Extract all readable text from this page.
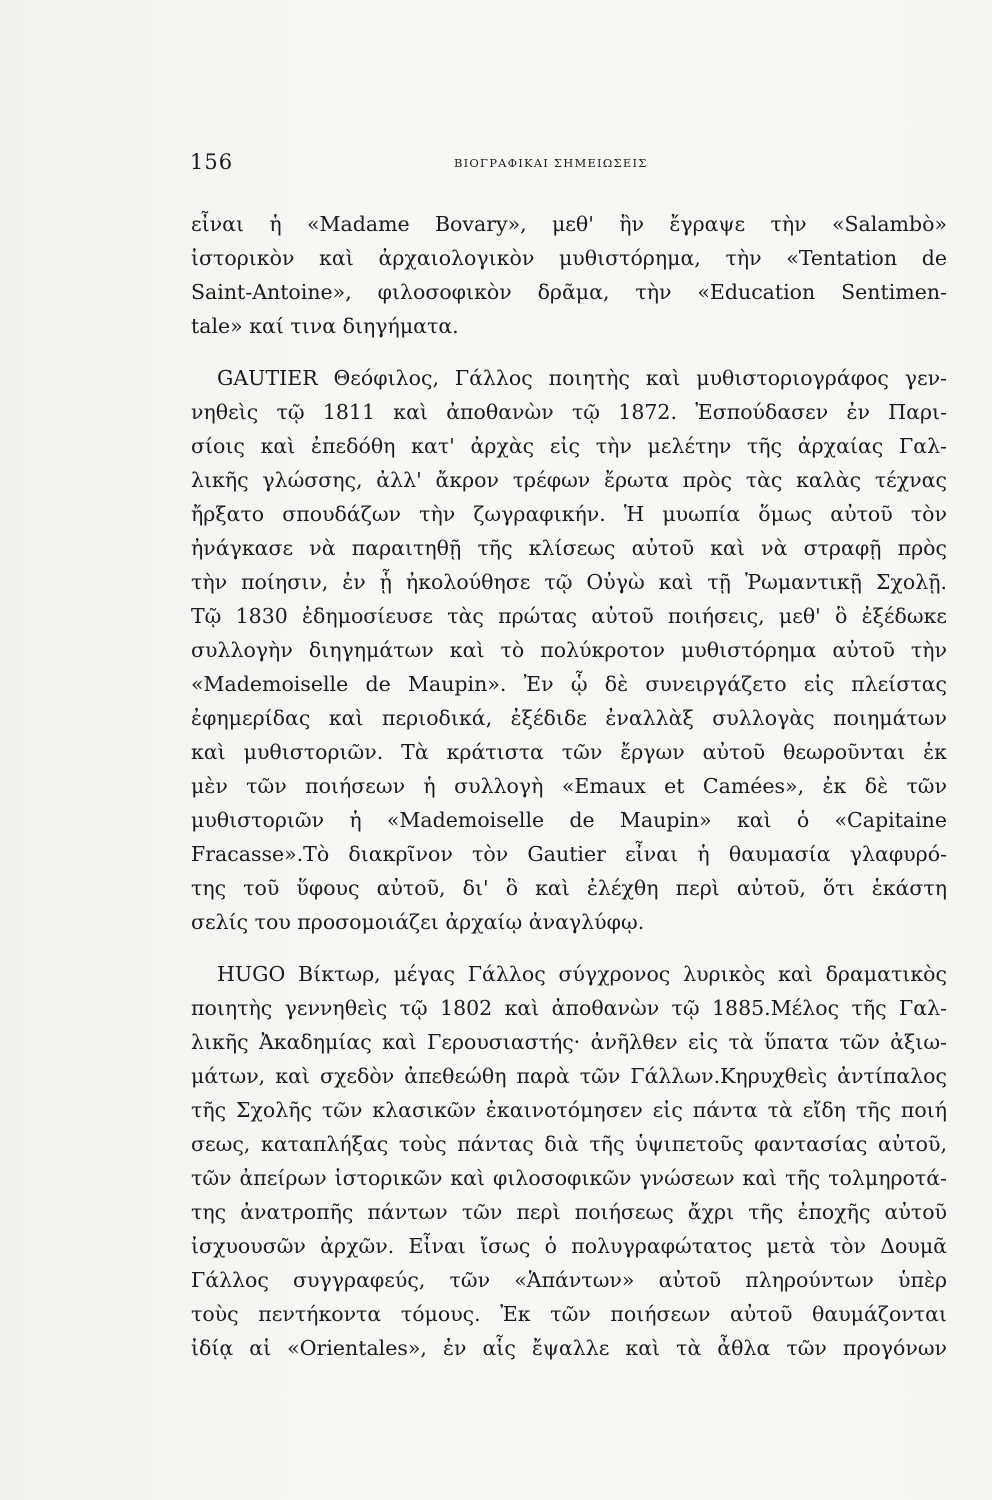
156	ΒΙΟΓΡΑΦΙΚΑΙ ΣΗΜΕΙΩΣΕΙΣ
εἶναι ἡ «Madame Bovary», μεθ' ἣν ἔγραψε τὴν «Salambò»
ἱστορικὸν καὶ ἀρχαιολογικὸν μυθιστόρημα, τὴν «Tentation de
Saint-Antoine», φιλοσοφικὸν δρᾶμα, τὴν «Education Sentimen-
tale» καί τινα διηγήματα.
GAUTIER Θεόφιλος, Γάλλος ποιητὴς καὶ μυθιστοριογράφος γεν-
νηθεὶς τῷ 1811 καὶ ἀποθανὼν τῷ 1872. Ἐσπούδασεν ἐν Παρι-
σίοις καὶ ἐπεδόθη κατ' ἀρχὰς εἰς τὴν μελέτην τῆς ἀρχαίας Γαλ-
λικῆς γλώσσης, ἀλλ' ἄκρον τρέφων ἔρωτα πρὸς τὰς καλὰς τέχνας
ἤρξατο σπουδάζων τὴν ζωγραφικήν. Ἡ μυωπία ὅμως αὐτοῦ τὸν
ἠνάγκασε νὰ παραιτηθῇ τῆς κλίσεως αὐτοῦ καὶ νὰ στραφῇ πρὸς
τὴν ποίησιν, ἐν ᾗ ἠκολούθησε τῷ Οὐγὼ καὶ τῇ Ῥωμαντικῇ Σχολῇ.
Τῷ 1830 ἐδημοσίευσε τὰς πρώτας αὐτοῦ ποιήσεις, μεθ' ὃ ἐξέδωκε
συλλογὴν διηγημάτων καὶ τὸ πολύκροτον μυθιστόρημα αὐτοῦ τὴν
«Mademoiselle de Maupin». Ἐν ᾧ δὲ συνειργάζετο εἰς πλείστας
ἐφημερίδας καὶ περιοδικά, ἐξέδιδε ἐναλλὰξ συλλογὰς ποιημάτων
καὶ μυθιστοριῶν. Τὰ κράτιστα τῶν ἔργων αὐτοῦ θεωροῦνται ἐκ
μὲν τῶν ποιήσεων ἡ συλλογὴ «Emaux et Camées», ἐκ δὲ τῶν
μυθιστοριῶν ἡ «Mademoiselle de Maupin» καὶ ὁ «Capitaine
Fracasse».Τὸ διακρῖνον τὸν Gautier εἶναι ἡ θαυμασία γλαφυρό-
της τοῦ ὕφους αὐτοῦ, δι' ὃ καὶ ἐλέχθη περὶ αὐτοῦ, ὅτι ἑκάστη
σελίς του προσομοιάζει ἀρχαίῳ ἀναγλύφῳ.
HUGO Βίκτωρ, μέγας Γάλλος σύγχρονος λυρικὸς καὶ δραματικὸς
ποιητὴς γεννηθεὶς τῷ 1802 καὶ ἀποθανὼν τῷ 1885.Μέλος τῆς Γαλ-
λικῆς Ἀκαδημίας καὶ Γερουσιαστής· ἀνῆλθεν εἰς τὰ ὕπατα τῶν ἀξιω-
μάτων, καὶ σχεδὸν ἀπεθεώθη παρὰ τῶν Γάλλων.Κηρυχθεὶς ἀντίπαλος
τῆς Σχολῆς τῶν κλασικῶν ἐκαινοτόμησεν εἰς πάντα τὰ εἴδη τῆς ποιή
σεως, καταπλήξας τοὺς πάντας διὰ τῆς ὑψιπετοῦς φαντασίας αὐτοῦ,
τῶν ἀπείρων ἱστορικῶν καὶ φιλοσοφικῶν γνώσεων καὶ τῆς τολμηροτά-
της ἀνατροπῆς πάντων τῶν περὶ ποιήσεως ἄχρι τῆς ἐποχῆς αὐτοῦ
ἰσχυουσῶν ἀρχῶν. Εἶναι ἴσως ὁ πολυγραφώτατος μετὰ τὸν Δουμᾶ
Γάλλος συγγραφεύς, τῶν «Ἁπάντων» αὐτοῦ πληρούντων ὑπὲρ
τοὺς πεντήκοντα τόμους. Ἐκ τῶν ποιήσεων αὐτοῦ θαυμάζονται
ἰδίᾳ αἱ «Orientales», ἐν αἷς ἔψαλλε καὶ τὰ ἆθλα τῶν προγόνων
